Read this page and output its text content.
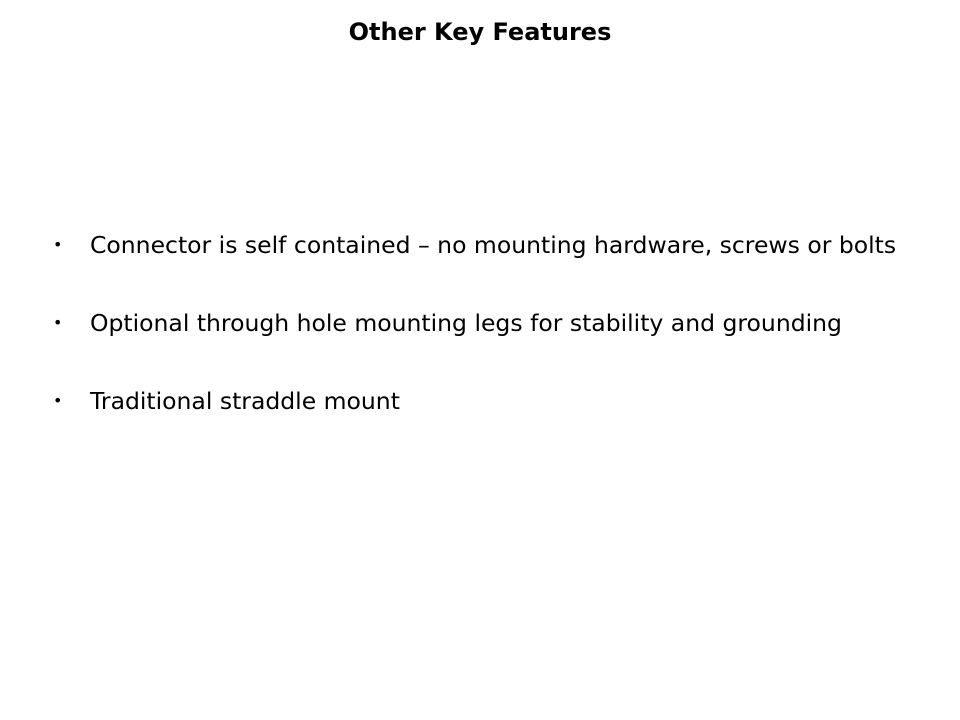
Other Key Features
• Connector is self contained – no mounting hardware, screws or bolts
• Optional through hole mounting legs for stability and grounding
• Traditional straddle mount
